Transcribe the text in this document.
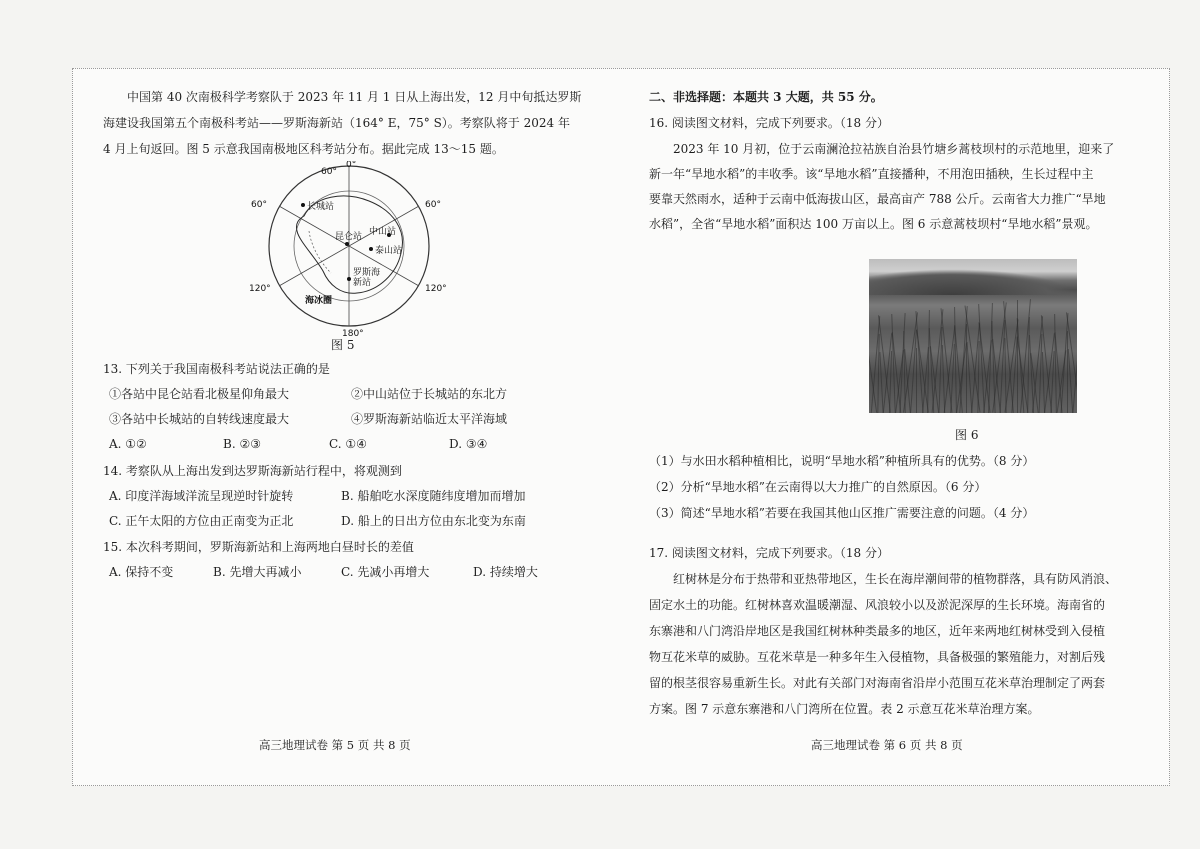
中国第 40 次南极科学考察队于 2023 年 11 月 1 日从上海出发，12 月中旬抵达罗斯

海建设我国第五个南极科考站——罗斯海新站（164° E，75° S）。考察队将于 2024 年

4 月上旬返回。图 5 示意我国南极地区科考站分布。据此完成 13～15 题。

0°
60°
60°	60°
120°	120°
180°
长城站
昆仑站 中山站
泰山站
罗斯海
新站
海冰圈

图 5

13. 下列关于我国南极科考站说法正确的是

①各站中昆仑站看北极星仰角最大	②中山站位于长城站的东北方

③各站中长城站的自转线速度最大	④罗斯海新站临近太平洋海域

A. ①②	B. ②③	C. ①④	D. ③④

14. 考察队从上海出发到达罗斯海新站行程中，将观测到

A. 印度洋海域洋流呈现逆时针旋转	B. 船舶吃水深度随纬度增加而增加

C. 正午太阳的方位由正南变为正北	D. 船上的日出方位由东北变为东南

15. 本次科考期间，罗斯海新站和上海两地白昼时长的差值

A. 保持不变	B. 先增大再减小	C. 先减小再增大	D. 持续增大

高三地理试卷 第 5 页 共 8 页

二、非选择题：本题共 3 大题，共 55 分。

16. 阅读图文材料，完成下列要求。（18 分）

2023 年 10 月初，位于云南澜沧拉祜族自治县竹塘乡蒿枝坝村的示范地里，迎来了

新一年“旱地水稻”的丰收季。该“旱地水稻”直接播种，不用泡田插秧，生长过程中主

要靠天然雨水，适种于云南中低海拔山区，最高亩产 788 公斤。云南省大力推广“旱地

水稻”，全省“旱地水稻”面积达 100 万亩以上。图 6 示意蒿枝坝村“旱地水稻”景观。

图 6

（1）与水田水稻种植相比，说明“旱地水稻”种植所具有的优势。（8 分）

（2）分析“旱地水稻”在云南得以大力推广的自然原因。（6 分）

（3）简述“旱地水稻”若要在我国其他山区推广需要注意的问题。（4 分）

17. 阅读图文材料，完成下列要求。（18 分）

红树林是分布于热带和亚热带地区，生长在海岸潮间带的植物群落，具有防风消浪、

固定水土的功能。红树林喜欢温暖潮湿、风浪较小以及淤泥深厚的生长环境。海南省的

东寨港和八门湾沿岸地区是我国红树林种类最多的地区，近年来两地红树林受到入侵植

物互花米草的威胁。互花米草是一种多年生入侵植物，具备极强的繁殖能力，对割后残

留的根茎很容易重新生长。对此有关部门对海南省沿岸小范围互花米草治理制定了两套

方案。图 7 示意东寨港和八门湾所在位置。表 2 示意互花米草治理方案。

高三地理试卷 第 6 页 共 8 页
